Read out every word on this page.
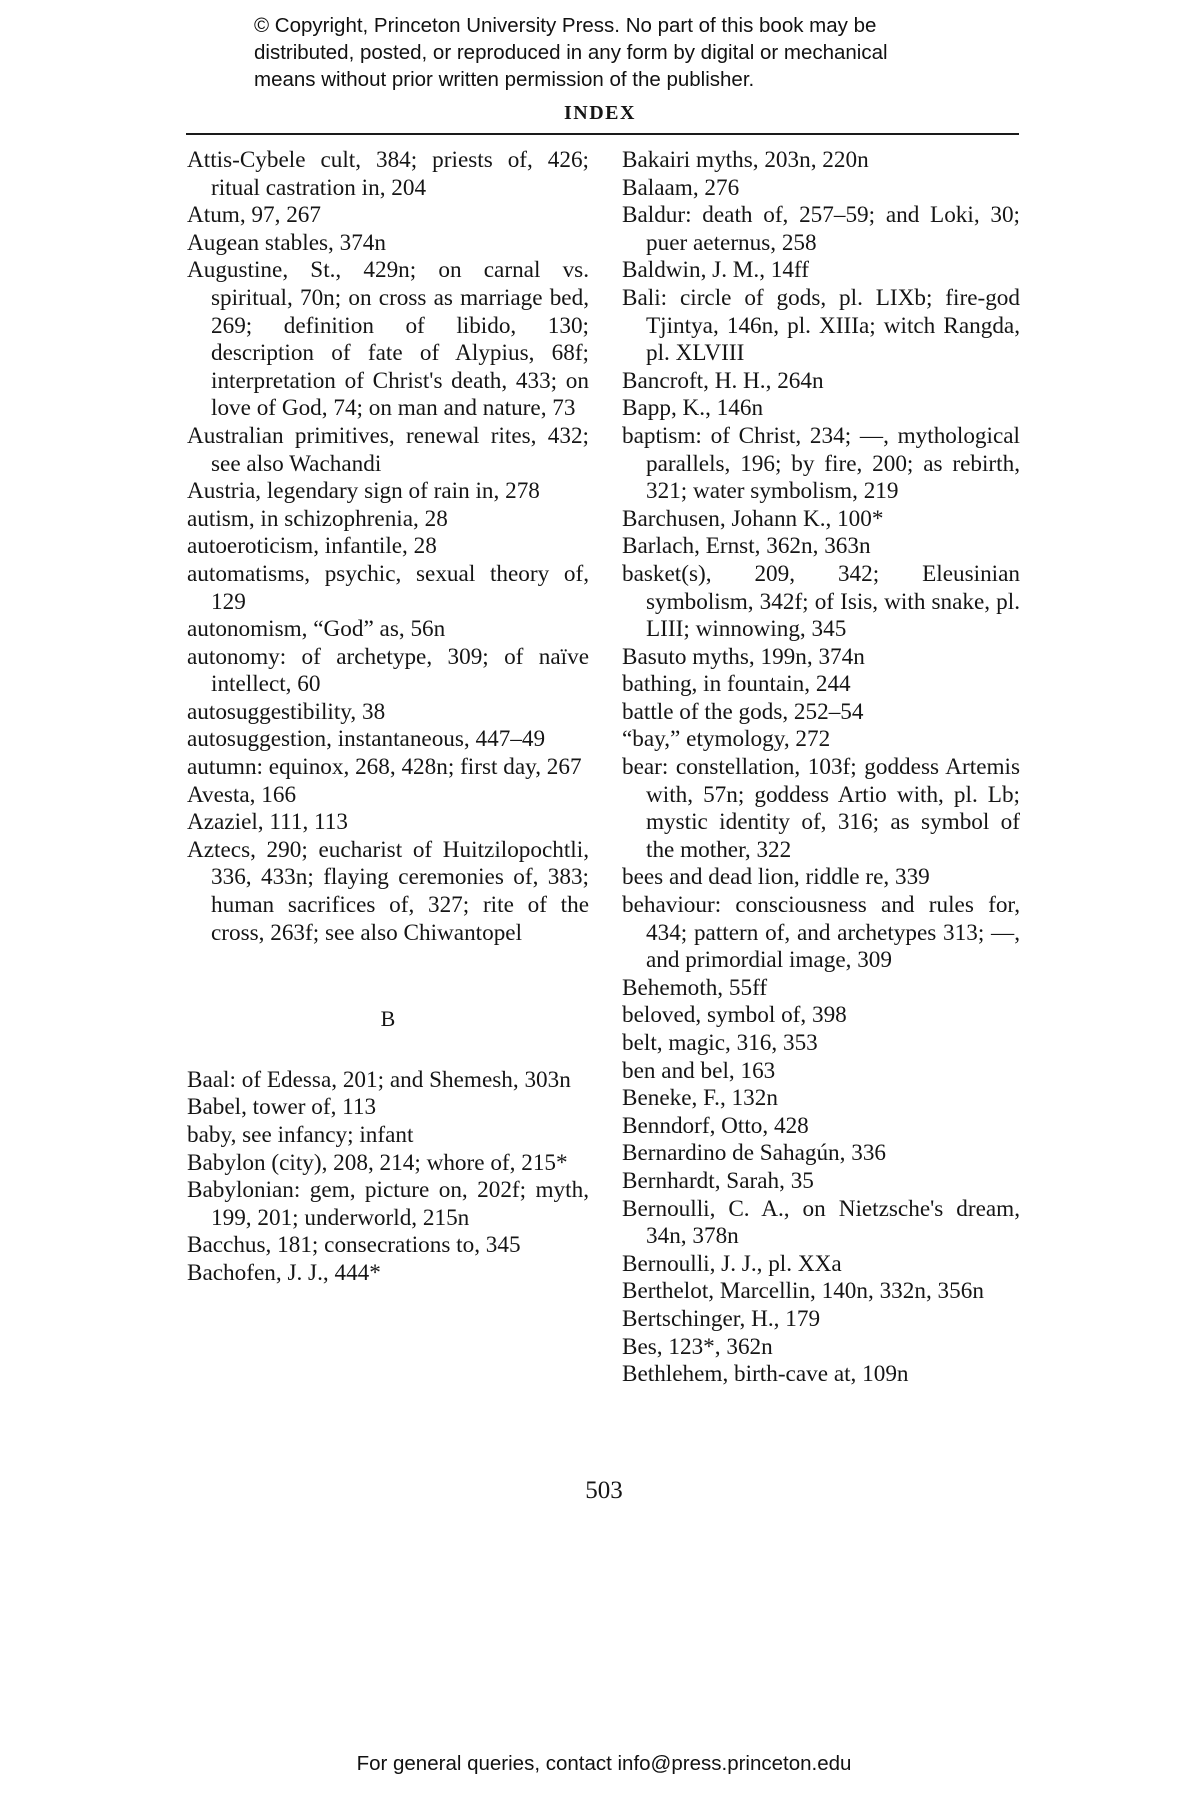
© Copyright, Princeton University Press. No part of this book may be
distributed, posted, or reproduced in any form by digital or mechanical
means without prior written permission of the publisher.
INDEX
Attis-Cybele cult, 384; priests of, 426; ritual castration in, 204
Atum, 97, 267
Augean stables, 374n
Augustine, St., 429n; on carnal vs. spiritual, 70n; on cross as marriage bed, 269; definition of libido, 130; description of fate of Alypius, 68f; interpretation of Christ's death, 433; on love of God, 74; on man and nature, 73
Australian primitives, renewal rites, 432; see also Wachandi
Austria, legendary sign of rain in, 278
autism, in schizophrenia, 28
autoeroticism, infantile, 28
automatisms, psychic, sexual theory of, 129
autonomism, “God” as, 56n
autonomy: of archetype, 309; of naïve intellect, 60
autosuggestibility, 38
autosuggestion, instantaneous, 447–49
autumn: equinox, 268, 428n; first day, 267
Avesta, 166
Azaziel, 111, 113
Aztecs, 290; eucharist of Huitzilopochtli, 336, 433n; flaying ceremonies of, 383; human sacrifices of, 327; rite of the cross, 263f; see also Chiwantopel
B
Baal: of Edessa, 201; and Shemesh, 303n
Babel, tower of, 113
baby, see infancy; infant
Babylon (city), 208, 214; whore of, 215*
Babylonian: gem, picture on, 202f; myth, 199, 201; underworld, 215n
Bacchus, 181; consecrations to, 345
Bachofen, J. J., 444*
Bakairi myths, 203n, 220n
Balaam, 276
Baldur: death of, 257–59; and Loki, 30; puer aeternus, 258
Baldwin, J. M., 14ff
Bali: circle of gods, pl. LIXb; fire-god Tjintya, 146n, pl. XIIIa; witch Rangda, pl. XLVIII
Bancroft, H. H., 264n
Bapp, K., 146n
baptism: of Christ, 234; —, mythological parallels, 196; by fire, 200; as rebirth, 321; water symbolism, 219
Barchusen, Johann K., 100*
Barlach, Ernst, 362n, 363n
basket(s), 209, 342; Eleusinian symbolism, 342f; of Isis, with snake, pl. LIII; winnowing, 345
Basuto myths, 199n, 374n
bathing, in fountain, 244
battle of the gods, 252–54
“bay,” etymology, 272
bear: constellation, 103f; goddess Artemis with, 57n; goddess Artio with, pl. Lb; mystic identity of, 316; as symbol of the mother, 322
bees and dead lion, riddle re, 339
behaviour: consciousness and rules for, 434; pattern of, and archetypes 313; —, and primordial image, 309
Behemoth, 55ff
beloved, symbol of, 398
belt, magic, 316, 353
ben and bel, 163
Beneke, F., 132n
Benndorf, Otto, 428
Bernardino de Sahagún, 336
Bernhardt, Sarah, 35
Bernoulli, C. A., on Nietzsche's dream, 34n, 378n
Bernoulli, J. J., pl. XXa
Berthelot, Marcellin, 140n, 332n, 356n
Bertschinger, H., 179
Bes, 123*, 362n
Bethlehem, birth-cave at, 109n
503
For general queries, contact info@press.princeton.edu
